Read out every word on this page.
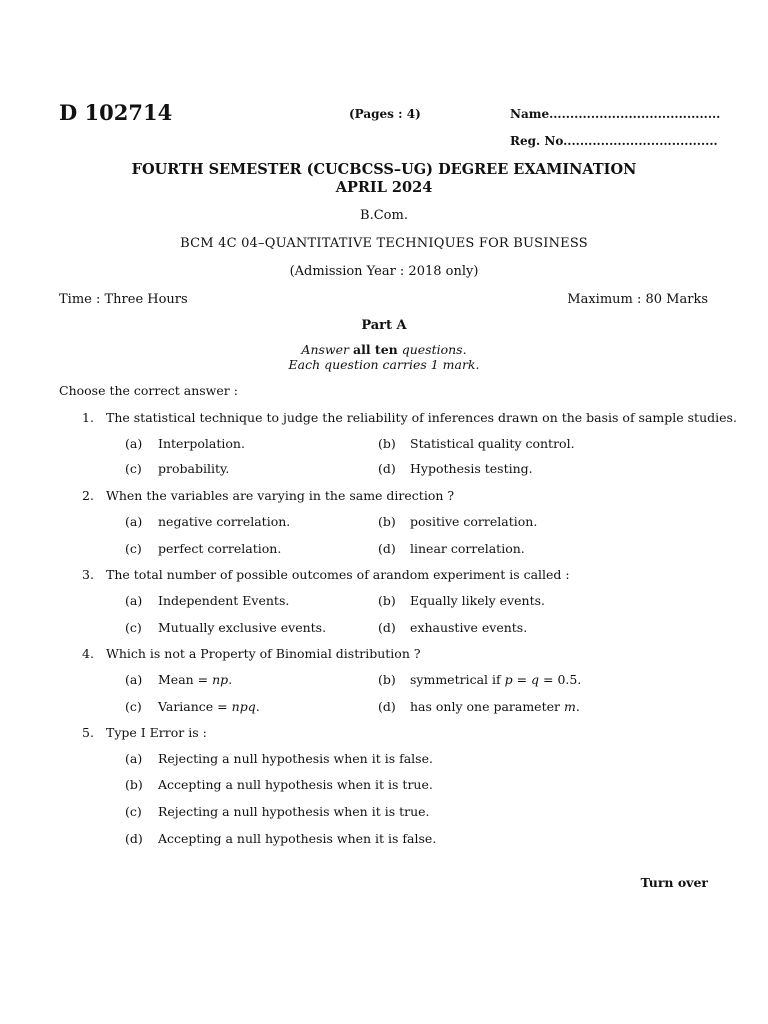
D 102714	(Pages : 4)	Name.........................................
Reg. No.....................................
FOURTH SEMESTER (CUCBCSS–UG) DEGREE EXAMINATION
APRIL 2024
B.Com.
BCM 4C 04–QUANTITATIVE TECHNIQUES FOR BUSINESS
(Admission Year : 2018 only)
Time : Three Hours	Maximum : 80 Marks
Part A
Answer all ten questions.
Each question carries 1 mark.
Choose the correct answer :
1. The statistical technique to judge the reliability of inferences drawn on the basis of sample studies.
(a) Interpolation.	(b) Statistical quality control.
(c) probability.	(d) Hypothesis testing.
2. When the variables are varying in the same direction ?
(a) negative correlation.	(b) positive correlation.
(c) perfect correlation.	(d) linear correlation.
3. The total number of possible outcomes of arandom experiment is called :
(a) Independent Events.	(b) Equally likely events.
(c) Mutually exclusive events.	(d) exhaustive events.
4. Which is not a Property of Binomial distribution ?
(a) Mean = np.	(b) symmetrical if p = q = 0.5.
(c) Variance = npq.	(d) has only one parameter m.
5. Type I Error is :
(a) Rejecting a null hypothesis when it is false.
(b) Accepting a null hypothesis when it is true.
(c) Rejecting a null hypothesis when it is true.
(d) Accepting a null hypothesis when it is false.
Turn over
